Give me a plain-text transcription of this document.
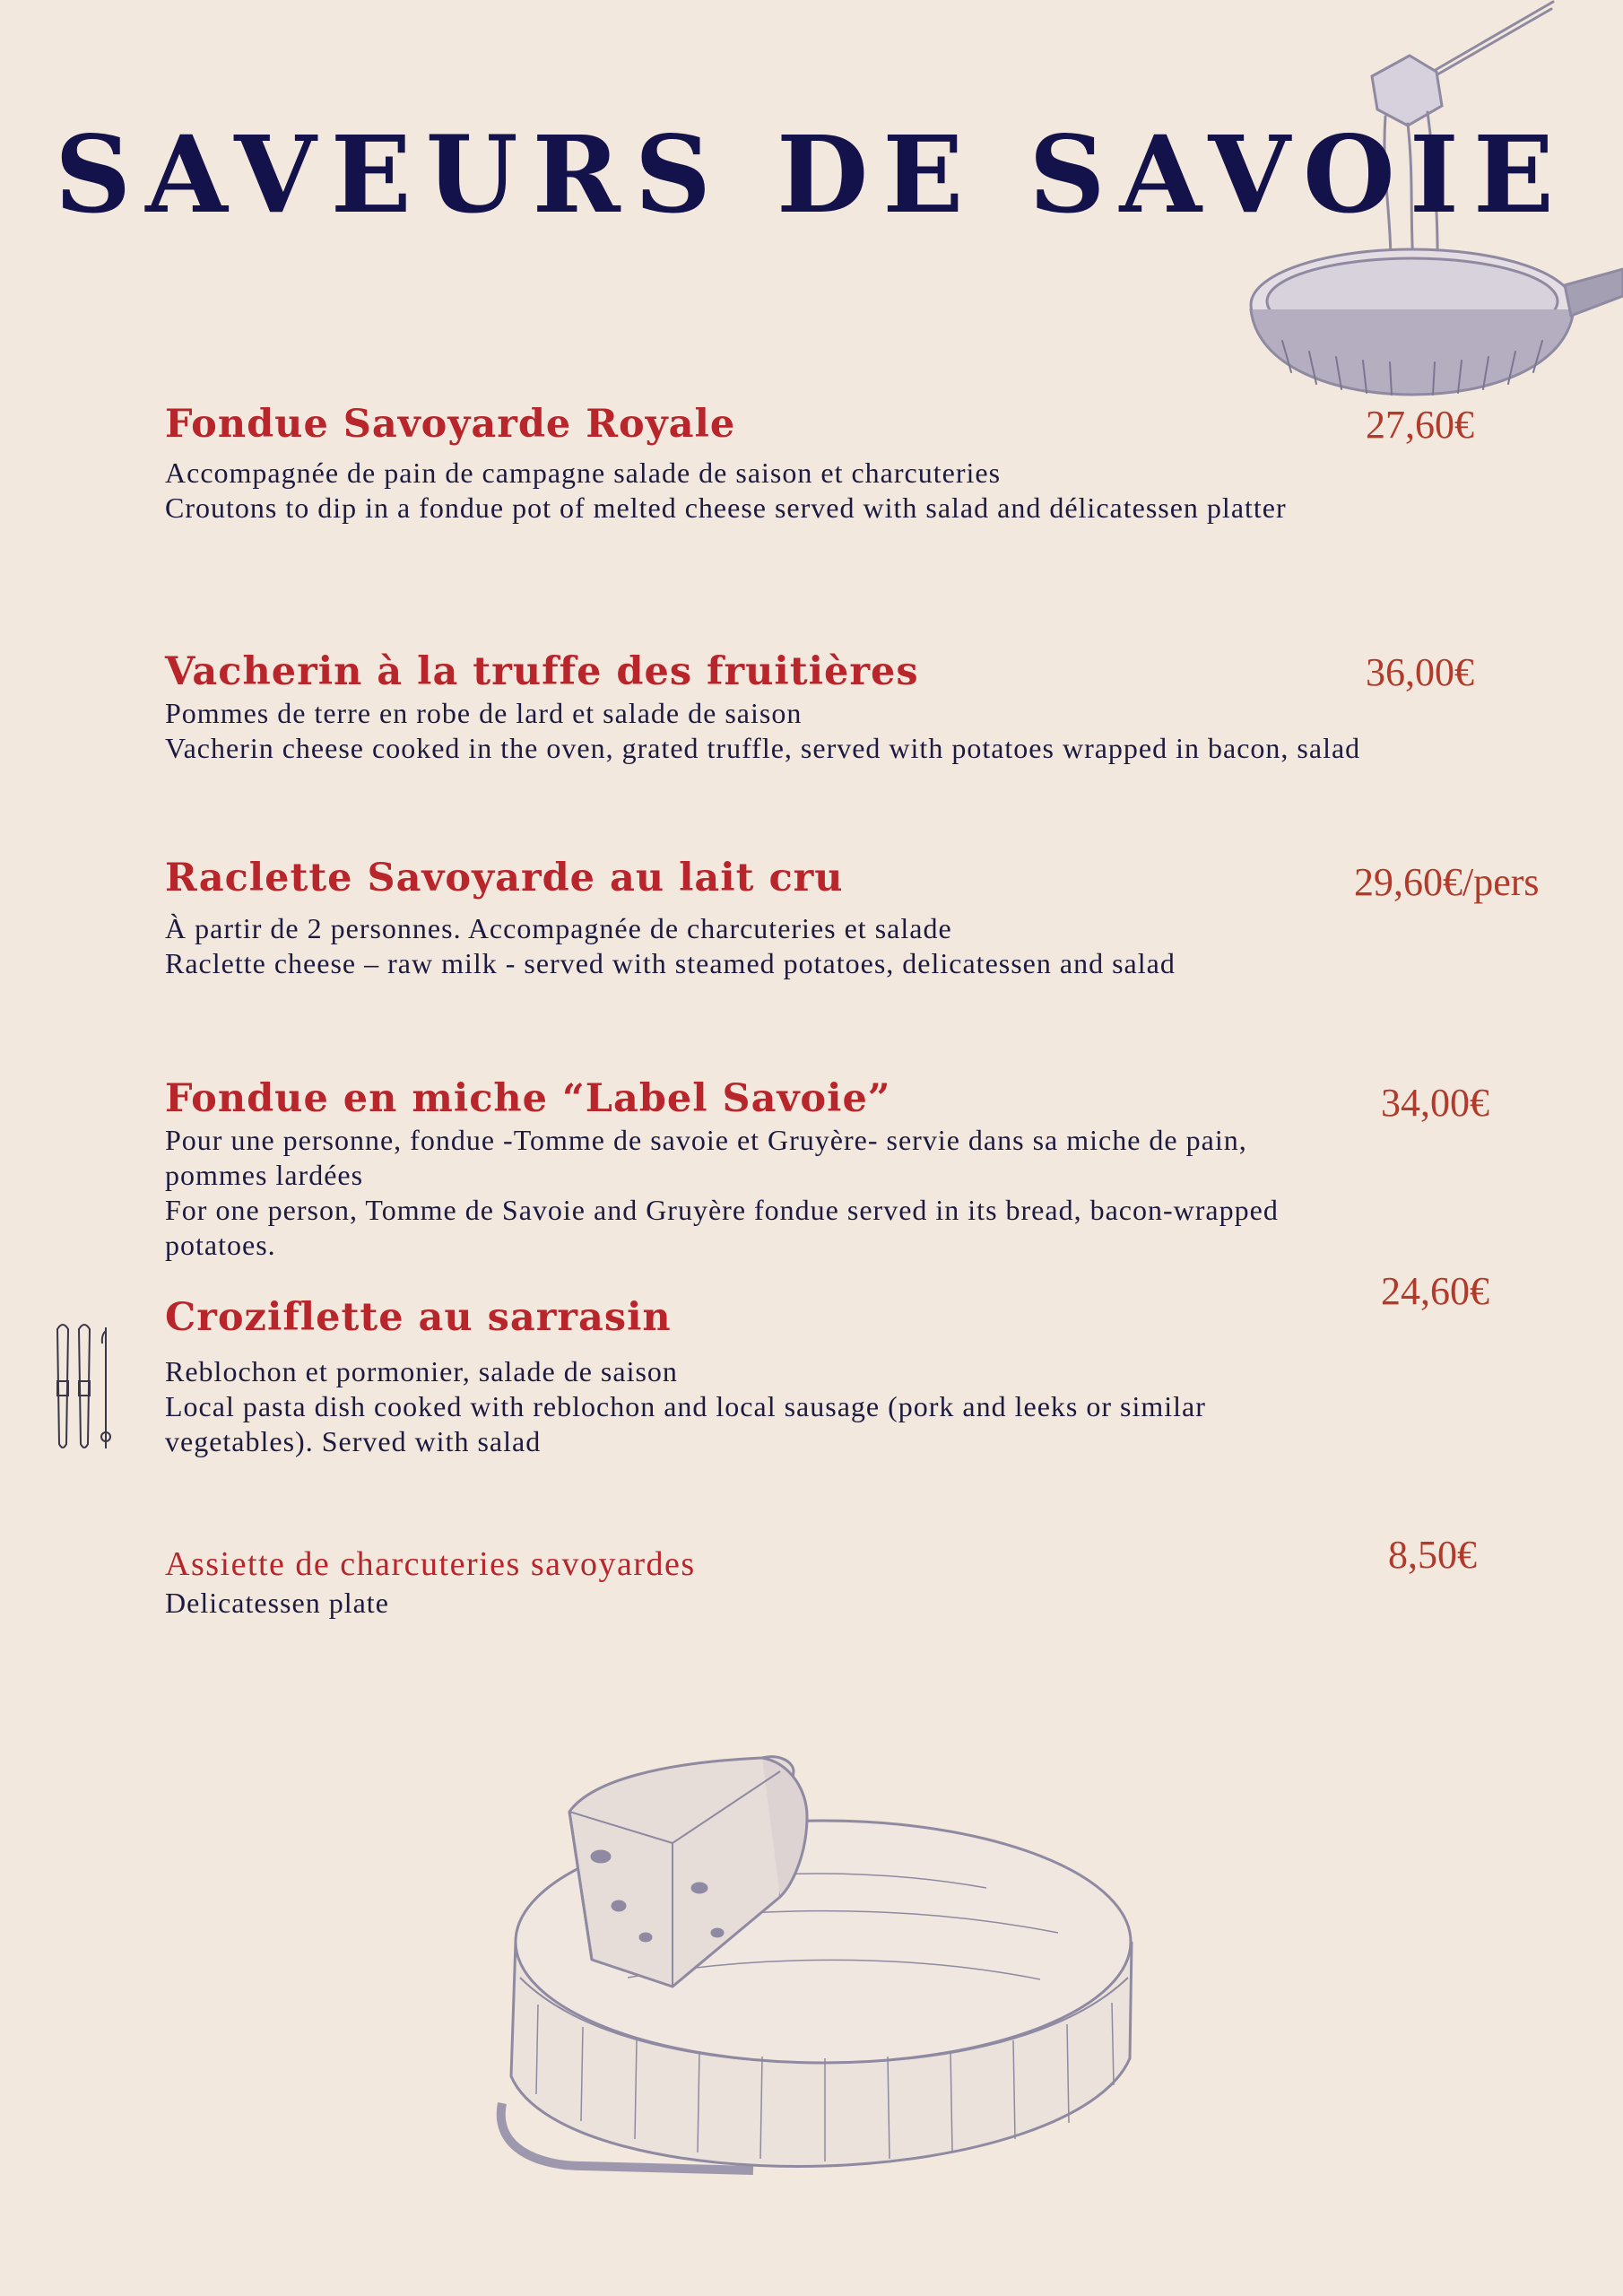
SAVEURS DE SAVOIE
Fondue Savoyarde Royale

Accompagnée de pain de campagne salade de saison et charcuteries

Croutons to dip in a fondue pot of melted cheese served with salad and délicatessen platter

27,60€
Vacherin à la truffe des fruitières

Pommes de terre en robe de lard et salade de saison

Vacherin cheese cooked in the oven, grated truffle, served with potatoes wrapped in bacon, salad

36,00€
Raclette Savoyarde au lait cru

À partir de 2 personnes. Accompagnée de charcuteries et salade

Raclette cheese – raw milk - served with steamed potatoes, delicatessen and salad

29,60€/pers
Fondue en miche “Label Savoie”

Pour une personne, fondue -Tomme de savoie et Gruyère- servie dans sa miche de pain,

pommes lardées

For one person, Tomme de Savoie and Gruyère fondue served in its bread, bacon-wrapped

potatoes.

34,00€
Croziflette au sarrasin

Reblochon et pormonier, salade de saison

Local pasta dish cooked with reblochon and local sausage (pork and leeks or similar

vegetables). Served with salad

24,60€
Assiette de charcuteries savoyardes

Delicatessen plate

8,50€
